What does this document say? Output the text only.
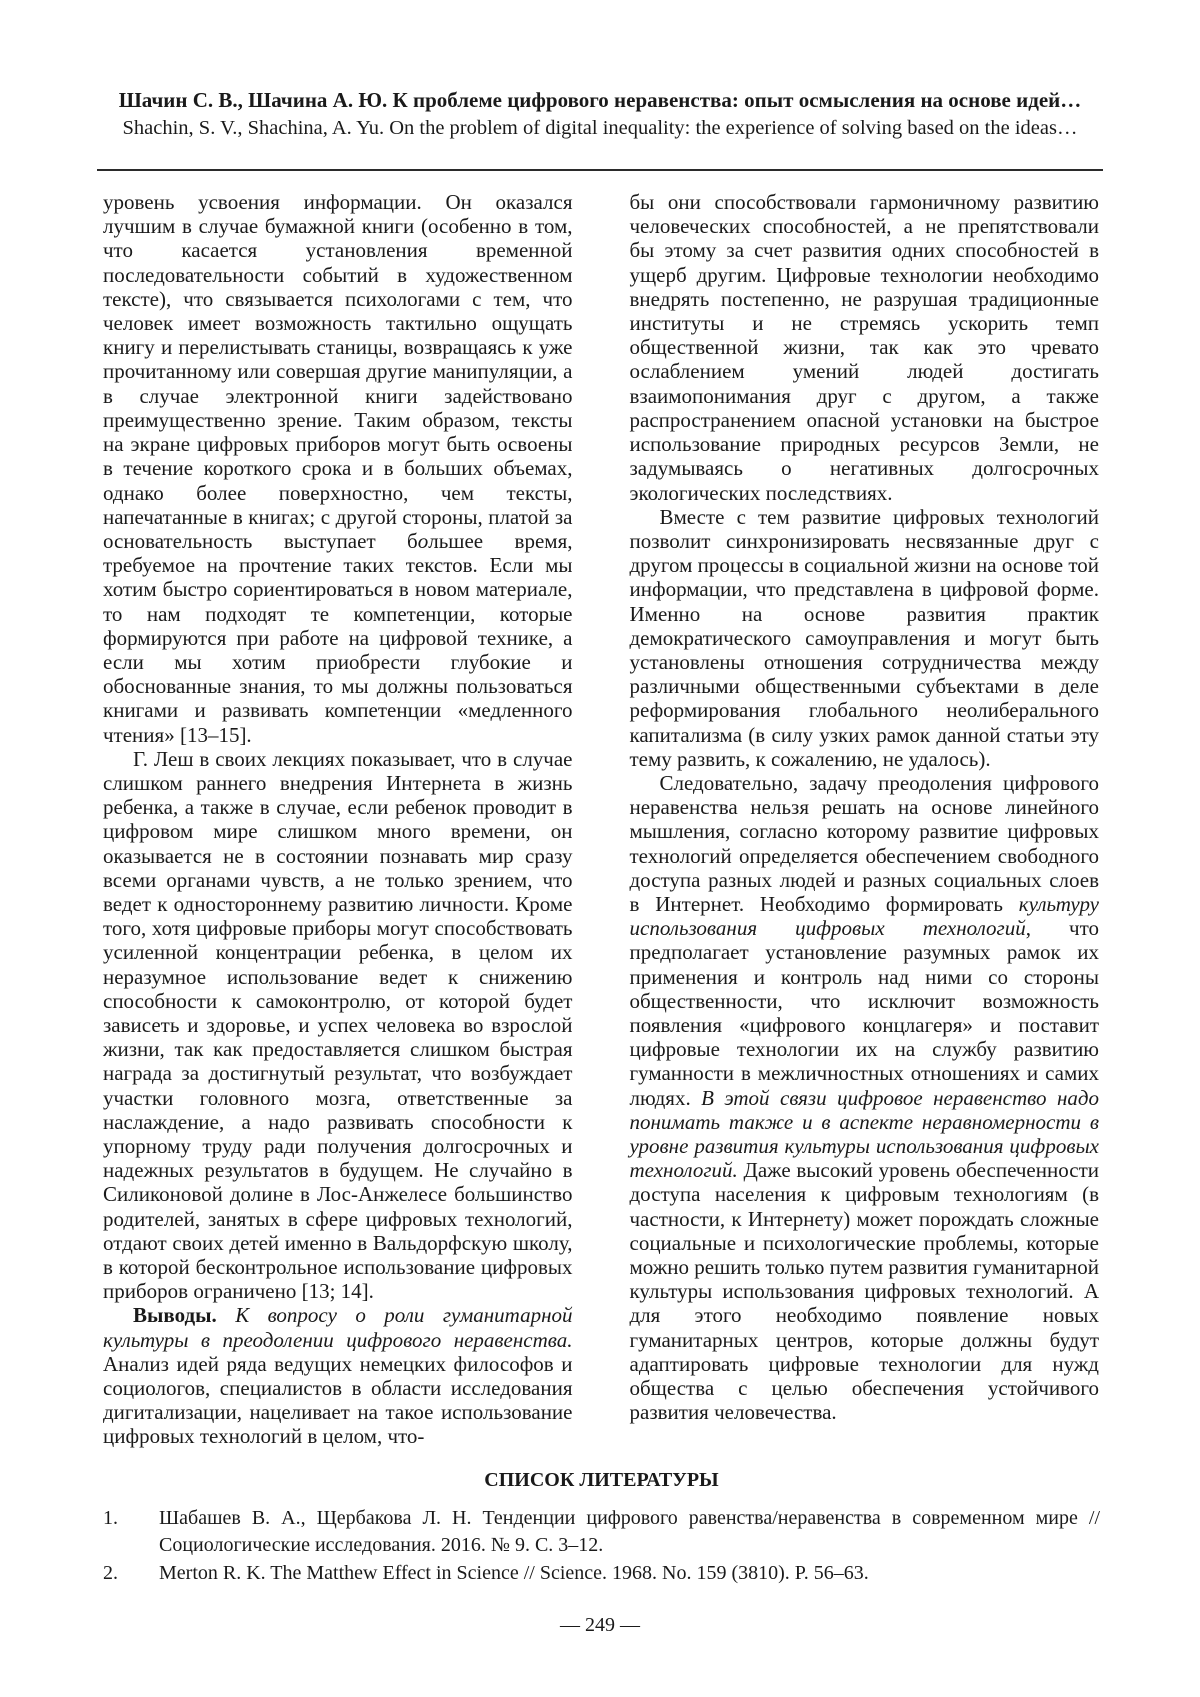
Шачин С. В., Шачина А. Ю. К проблеме цифрового неравенства: опыт осмысления на основе идей…
Shachin, S. V., Shachina, A. Yu. On the problem of digital inequality: the experience of solving based on the ideas…

уровень усвоения информации. Он оказался лучшим в случае бумажной книги (особенно в том, что касается установления временной последовательности событий в художественном тексте), что связывается психологами с тем, что человек имеет возможность тактильно ощущать книгу и перелистывать станицы, возвращаясь к уже прочитанному или совершая другие манипуляции, а в случае электронной книги задействовано преимущественно зрение. Таким образом, тексты на экране цифровых приборов могут быть освоены в течение короткого срока и в больших объемах, однако более поверхностно, чем тексты, напечатанные в книгах; с другой стороны, платой за основательность выступает большее время, требуемое на прочтение таких текстов. Если мы хотим быстро сориентироваться в новом материале, то нам подходят те компетенции, которые формируются при работе на цифровой технике, а если мы хотим приобрести глубокие и обоснованные знания, то мы должны пользоваться книгами и развивать компетенции «медленного чтения» [13–15].

Г. Леш в своих лекциях показывает, что в случае слишком раннего внедрения Интернета в жизнь ребенка, а также в случае, если ребенок проводит в цифровом мире слишком много времени, он оказывается не в состоянии познавать мир сразу всеми органами чувств, а не только зрением, что ведет к одностороннему развитию личности. Кроме того, хотя цифровые приборы могут способствовать усиленной концентрации ребенка, в целом их неразумное использование ведет к снижению способности к самоконтролю, от которой будет зависеть и здоровье, и успех человека во взрослой жизни, так как предоставляется слишком быстрая награда за достигнутый результат, что возбуждает участки головного мозга, ответственные за наслаждение, а надо развивать способности к упорному труду ради получения долгосрочных и надежных результатов в будущем. Не случайно в Силиконовой долине в Лос-Анжелесе большинство родителей, занятых в сфере цифровых технологий, отдают своих детей именно в Вальдорфскую школу, в которой бесконтрольное использование цифровых приборов ограничено [13; 14].

Выводы. К вопросу о роли гуманитарной культуры в преодолении цифрового неравенства. Анализ идей ряда ведущих немецких философов и социологов, специалистов в области исследования дигитализации, нацеливает на такое использование цифровых технологий в целом, что-

бы они способствовали гармоничному развитию человеческих способностей, а не препятствовали бы этому за счет развития одних способностей в ущерб другим. Цифровые технологии необходимо внедрять постепенно, не разрушая традиционные институты и не стремясь ускорить темп общественной жизни, так как это чревато ослаблением умений людей достигать взаимопонимания друг с другом, а также распространением опасной установки на быстрое использование природных ресурсов Земли, не задумываясь о негативных долгосрочных экологических последствиях.

Вместе с тем развитие цифровых технологий позволит синхронизировать несвязанные друг с другом процессы в социальной жизни на основе той информации, что представлена в цифровой форме. Именно на основе развития практик демократического самоуправления и могут быть установлены отношения сотрудничества между различными общественными субъектами в деле реформирования глобального неолиберального капитализма (в силу узких рамок данной статьи эту тему развить, к сожалению, не удалось).

Следовательно, задачу преодоления цифрового неравенства нельзя решать на основе линейного мышления, согласно которому развитие цифровых технологий определяется обеспечением свободного доступа разных людей и разных социальных слоев в Интернет. Необходимо формировать культуру использования цифровых технологий, что предполагает установление разумных рамок их применения и контроль над ними со стороны общественности, что исключит возможность появления «цифрового концлагеря» и поставит цифровые технологии их на службу развитию гуманности в межличностных отношениях и самих людях. В этой связи цифровое неравенство надо понимать также и в аспекте неравномерности в уровне развития культуры использования цифровых технологий. Даже высокий уровень обеспеченности доступа населения к цифровым технологиям (в частности, к Интернету) может порождать сложные социальные и психологические проблемы, которые можно решить только путем развития гуманитарной культуры использования цифровых технологий. А для этого необходимо появление новых гуманитарных центров, которые должны будут адаптировать цифровые технологии для нужд общества с целью обеспечения устойчивого развития человечества.

СПИСОК ЛИТЕРАТУРЫ
1.	Шабашев В. А., Щербакова Л. Н. Тенденции цифрового равенства/неравенства в современном мире // Социологические исследования. 2016. № 9. С. 3–12.
2.	Merton R. K. The Matthew Effect in Science // Science. 1968. No. 159 (3810). P. 56–63.
— 249 —
